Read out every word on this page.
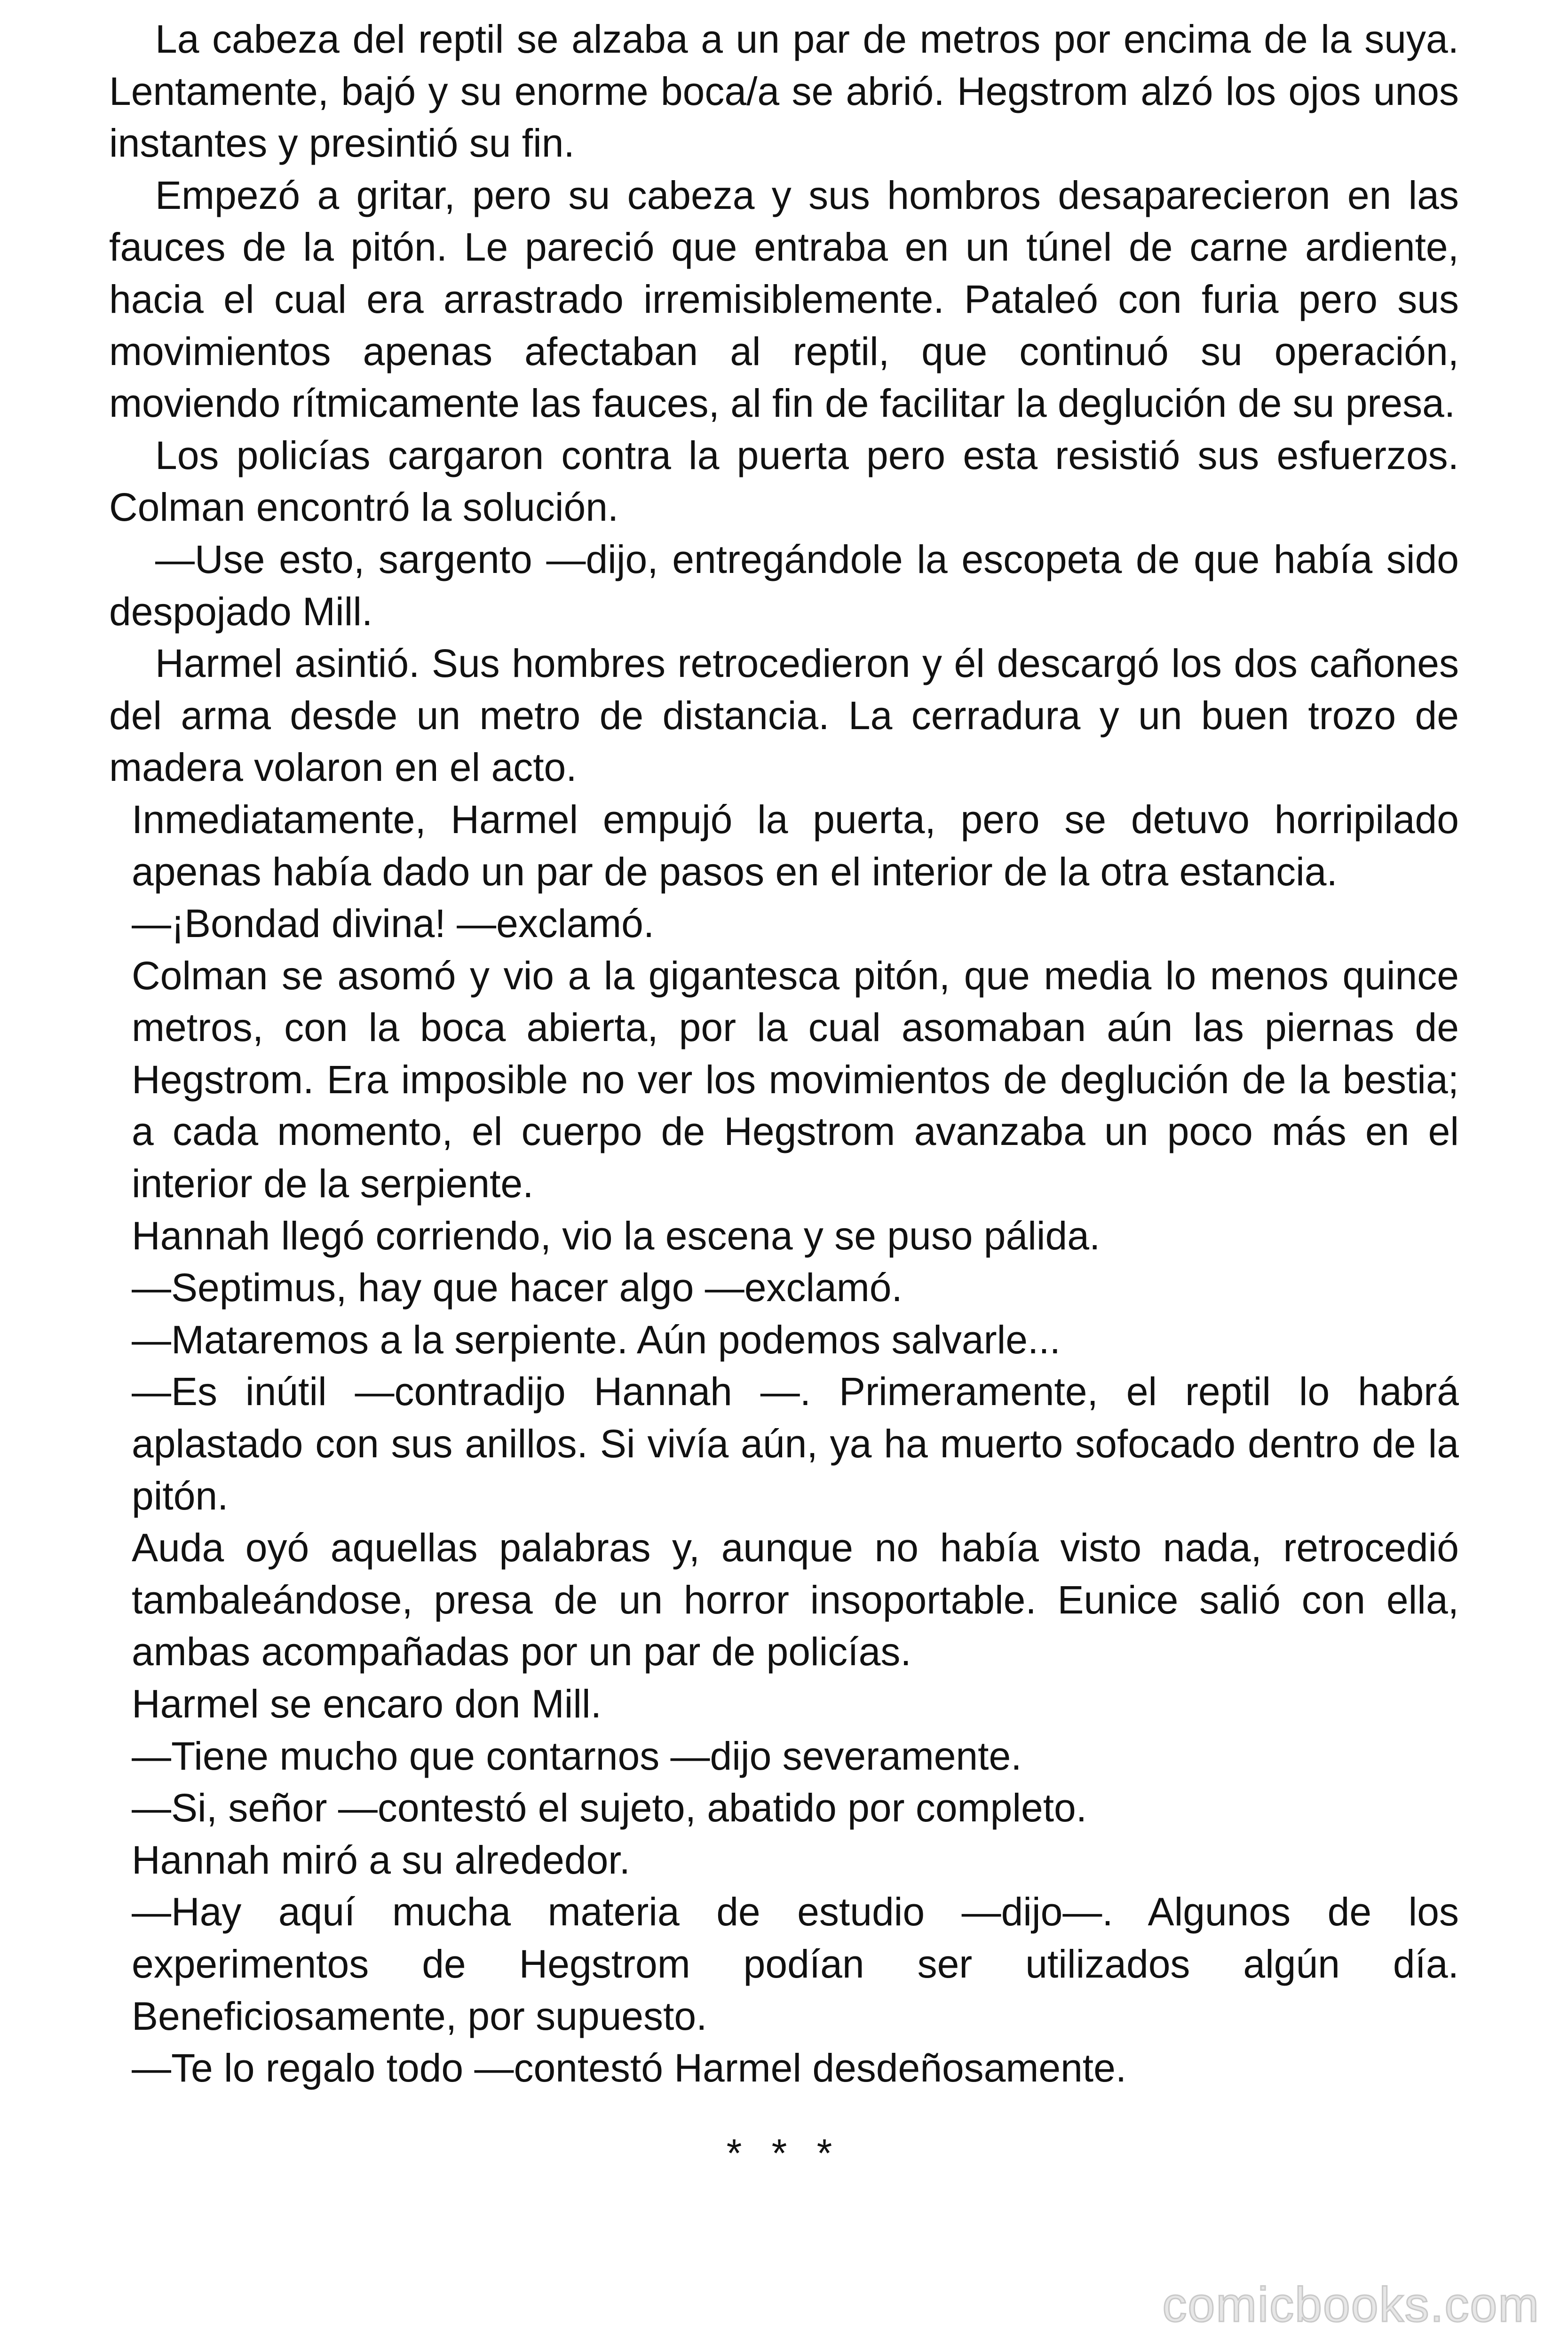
La cabeza del reptil se alzaba a un par de metros por encima de la suya. Lentamente, bajó y su enorme boca/a se abrió. Hegstrom alzó los ojos unos instantes y presintió su fin.

Empezó a gritar, pero su cabeza y sus hombros desaparecieron en las fauces de la pitón. Le pareció que entraba en un túnel de carne ardiente, hacia el cual era arrastrado irremisiblemente. Pataleó con furia pero sus movimientos apenas afectaban al reptil, que continuó su operación, moviendo rítmicamente las fauces, al fin de facilitar la deglución de su presa.

Los policías cargaron contra la puerta pero esta resistió sus esfuerzos. Colman encontró la solución.

—Use esto, sargento —dijo, entregándole la escopeta de que había sido despojado Mill.

Harmel asintió. Sus hombres retrocedieron y él descargó los dos cañones del arma desde un metro de distancia. La cerradura y un buen trozo de madera volaron en el acto.

Inmediatamente, Harmel empujó la puerta, pero se detuvo horripilado apenas había dado un par de pasos en el interior de la otra estancia.

—¡Bondad divina! —exclamó.

Colman se asomó y vio a la gigantesca pitón, que media lo menos quince metros, con la boca abierta, por la cual asomaban aún las piernas de Hegstrom. Era imposible no ver los movimientos de deglución de la bestia; a cada momento, el cuerpo de Hegstrom avanzaba un poco más en el interior de la serpiente.

Hannah llegó corriendo, vio la escena y se puso pálida.

—Septimus, hay que hacer algo —exclamó.

—Mataremos a la serpiente. Aún podemos salvarle...

—Es inútil —contradijo Hannah —. Primeramente, el reptil lo habrá aplastado con sus anillos. Si vivía aún, ya ha muerto sofocado dentro de la pitón.

Auda oyó aquellas palabras y, aunque no había visto nada, retrocedió tambaleándose, presa de un horror insoportable. Eunice salió con ella, ambas acompañadas por un par de policías.

Harmel se encaro don Mill.

—Tiene mucho que contarnos —dijo severamente.

—Si, señor —contestó el sujeto, abatido por completo.

Hannah miró a su alrededor.

—Hay aquí mucha materia de estudio —dijo—. Algunos de los experimentos de Hegstrom podían ser utilizados algún día. Beneficiosamente, por supuesto.

—Te lo regalo todo —contestó Harmel desdeñosamente.

* * *
comicbooks.com
